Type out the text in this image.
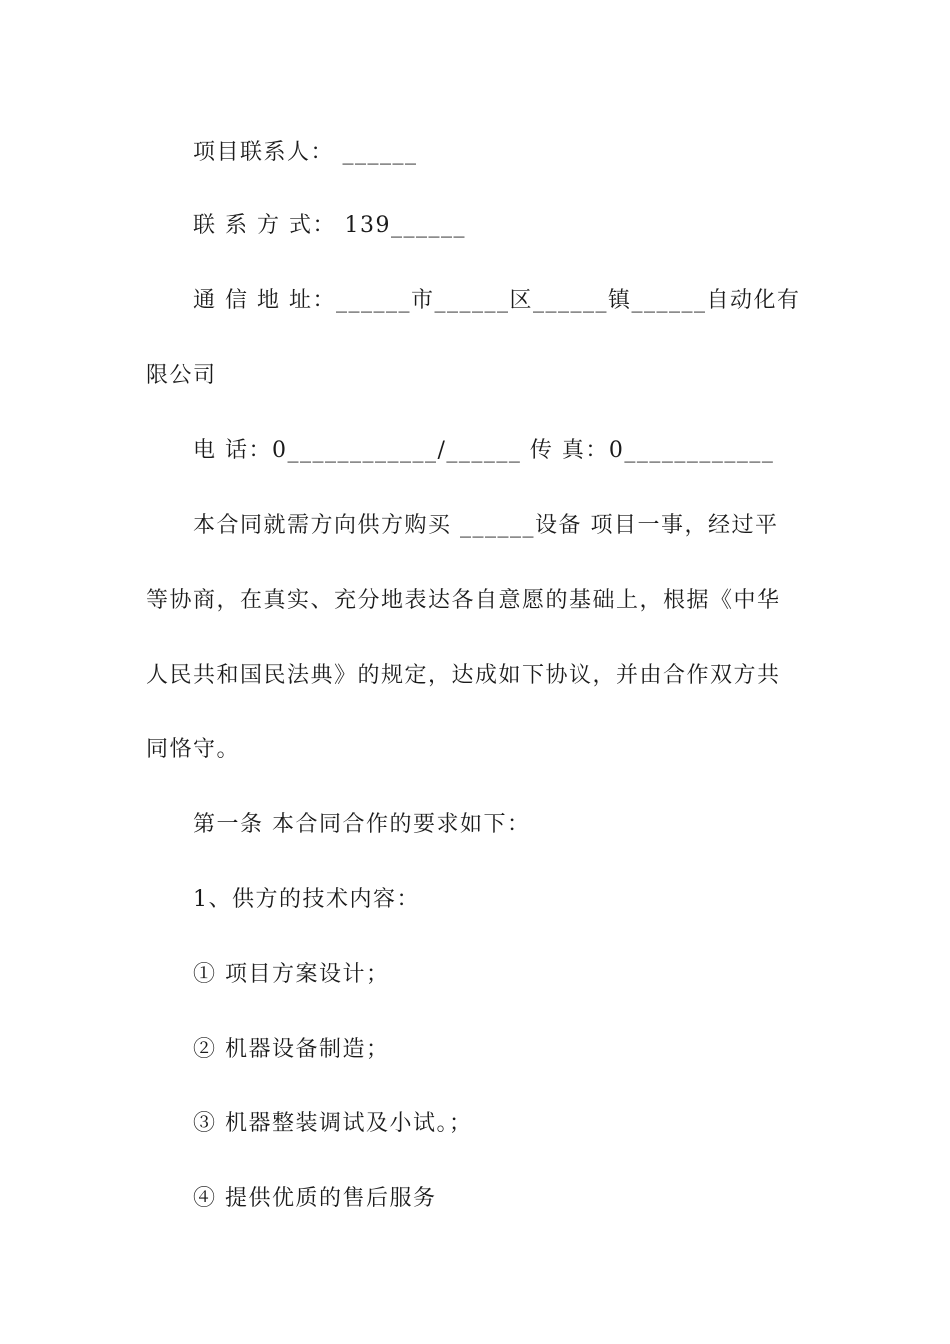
项目联系人： ______
联 系 方 式： 139______
通 信 地 址：______市______区______镇______自动化有
限公司
电 话：0____________/______ 传 真：0____________
本合同就需方向供方购买 ______设备 项目一事，经过平
等协商，在真实、充分地表达各自意愿的基础上，根据《中华
人民共和国民法典》的规定，达成如下协议，并由合作双方共
同恪守。
第一条 本合同合作的要求如下：
1、供方的技术内容：
① 项目方案设计；
② 机器设备制造；
③ 机器整装调试及小试。；
④ 提供优质的售后服务
